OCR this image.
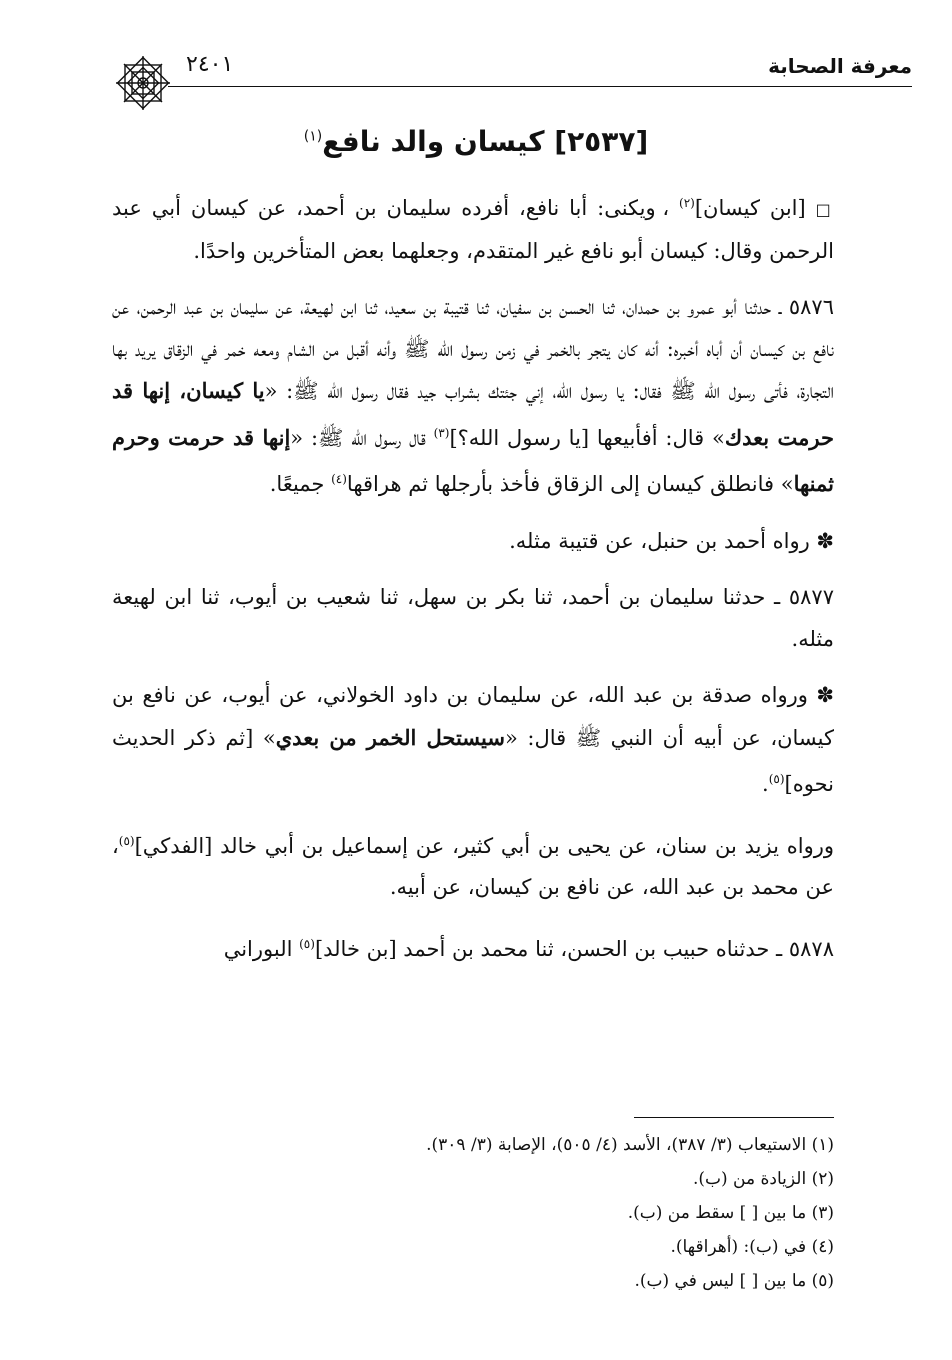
معرفة الصحابة
٢٤٠١
[٢٥٣٧] كيسان والد نافع$^{(١)}$

□ [ابن كيسان]$^{(٢)}$ ، ويكنى: أبا نافع، أفرده سليمان بن أحمد، عن كيسان أبي عبد الرحمن وقال: كيسان أبو نافع غير المتقدم، وجعلهما بعض المتأخرين واحدًا.

٥٨٧٦ ـ حدثنا أبو عمرو بن حمدان، ثنا الحسن بن سفيان، ثنا قتيبة بن سعيد، ثنا ابن لهيعة، عن سليمان بن عبد الرحمن، عن نافع بن كيسان أن أباه أخبره: أنه كان يتجر بالخمر في زمن رسول الله ﷺ وأنه أقبل من الشام ومعه خمر في الزقاق يريد بها التجارة، فأتى رسول الله ﷺ فقال: يا رسول الله، إني جئتك بشراب جيد فقال رسول الله ﷺ: «يا كيسان، إنها قد حرمت بعدك» قال: أفأبيعها [يا رسول الله؟]$^{(٣)}$ قال رسول الله ﷺ: «إنها قد حرمت وحرم ثمنها» فانطلق كيسان إلى الزقاق فأخذ بأرجلها ثم هراقها$^{(٤)}$ جميعًا.

✽ رواه أحمد بن حنبل، عن قتيبة مثله.

٥٨٧٧ ـ حدثنا سليمان بن أحمد، ثنا بكر بن سهل، ثنا شعيب بن أيوب، ثنا ابن لهيعة مثله.

✽ ورواه صدقة بن عبد الله، عن سليمان بن داود الخولاني، عن أيوب، عن نافع بن كيسان، عن أبيه أن النبي ﷺ قال: «سيستحل الخمر من بعدي» [ثم ذكر الحديث نحوه]$^{(٥)}$.

ورواه يزيد بن سنان، عن يحيى بن أبي كثير، عن إسماعيل بن أبي خالد [الفدكي]$^{(٥)}$، عن محمد بن عبد الله، عن نافع بن كيسان، عن أبيه.

٥٨٧٨ ـ حدثناه حبيب بن الحسن، ثنا محمد بن أحمد [بن خالد]$^{(٥)}$ البوراني

(١) الاستيعاب (٣/ ٣٨٧)، الأسد (٤/ ٥٠٥)، الإصابة (٣/ ٣٠٩).

(٢) الزيادة من (ب).

(٣) ما بين [ ] سقط من (ب).

(٤) في (ب): (أهراقها).

(٥) ما بين [ ] ليس في (ب).
